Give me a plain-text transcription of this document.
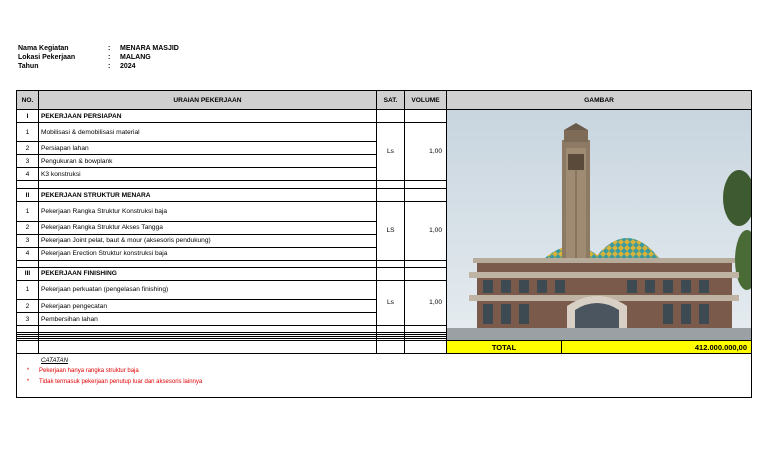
Nama Kegiatan	:	MENARA MASJID
Lokasi Pekerjaan	:	MALANG
Tahun	:	2024
NO.	URAIAN PEKERJAAN	SAT.	VOLUME	GAMBAR	
I	PEKERJAAN PERSIAPAN			

1	Mobilisasi & demobilisasi material	Ls	1,00		
2	Persiapan lahan				
3	Pengukuran & bowplank				
4	K3 konstruksi				

II	PEKERJAAN STRUKTUR MENARA				
1	Pekerjaan Rangka Struktur Konstruksi baja	LS	1,00		
2	Pekerjaan Rangka Struktur Akses Tangga				
3	Pekerjaan Joint pelat, baut & mour (aksesoris pendukung)				
4	Pekerjaan Erection Struktur konstruksi baja				

III	PEKERJAAN FINISHING				
1	Pekerjaan perkuatan (pengelasan finishing)	Ls	1,00		
2	Pekerjaan pengecatan				
3	Pembersihan lahan				

				TOTAL	412.000.000,00

CATATAN
* Pekerjaan hanya rangka struktur baja
* Tidak termasuk pekerjaan penutup luar dan aksesoris lainnya					
